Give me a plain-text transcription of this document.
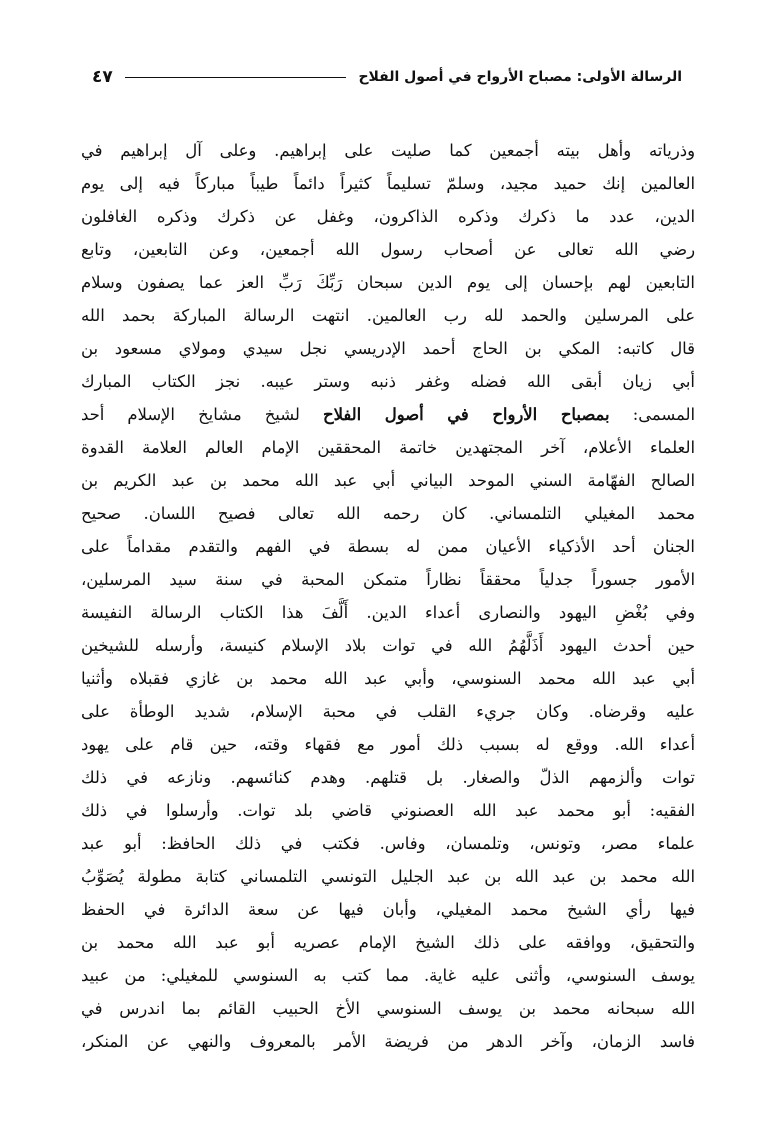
الرسالة الأولى: مصباح الأرواح في أصول الفلاح
٤٧
وذرياته وأهل بيته أجمعين كما صليت على إبراهيم. وعلى آل إبراهيم في
العالمين إنك حميد مجيد، وسلمّ تسليماً كثيراً دائماً طيباً مباركاً فيه إلى يوم
الدين، عدد ما ذكرك وذكره الذاكرون، وغفل عن ذكرك وذكره الغافلون
رضي الله تعالى عن أصحاب رسول الله أجمعين، وعن التابعين، وتابع
التابعين لهم بإحسان إلى يوم الدين سبحان رَبِّكَ رَبِّ العز عما يصفون وسلام
على المرسلين والحمد لله رب العالمين. انتهت الرسالة المباركة بحمد الله
قال كاتبه: المكي بن الحاج أحمد الإدريسي نجل سيدي ومولاي مسعود بن
أبي زيان أبقى الله فضله وغفر ذنبه وستر عيبه. نجز الكتاب المبارك
المسمى: بمصباح الأرواح في أصول الفلاح لشيخ مشايخ الإسلام أحد
العلماء الأعلام، آخر المجتهدين خاتمة المحققين الإمام العالم العلامة القدوة
الصالح الفهّامة السني الموحد البياني أبي عبد الله محمد بن عبد الكريم بن
محمد المغيلي التلمساني. كان رحمه الله تعالى فصيح اللسان. صحيح
الجنان أحد الأذكياء الأعيان ممن له بسطة في الفهم والتقدم مقداماً على
الأمور جسوراً جدلياً محققاً نظاراً متمكن المحبة في سنة سيد المرسلين،
وفي بُغْضِ اليهود والنصارى أعداء الدين. أَلَّفَ هذا الكتاب الرسالة النفيسة
حين أحدث اليهود أَذَلَّهُمُ الله في توات بلاد الإسلام كنيسة، وأرسله للشيخين
أبي عبد الله محمد السنوسي، وأبي عبد الله محمد بن غازي فقبلاه وأثنيا
عليه وقرضاه. وكان جريء القلب في محبة الإسلام، شديد الوطأة على
أعداء الله. ووقع له بسبب ذلك أمور مع فقهاء وقته، حين قام على يهود
توات وألزمهم الذلّ والصغار. بل قتلهم. وهدم كنائسهم. ونازعه في ذلك
الفقيه: أبو محمد عبد الله العصنوني قاضي بلد توات. وأرسلوا في ذلك
علماء مصر، وتونس، وتلمسان، وفاس. فكتب في ذلك الحافظ: أبو عبد
الله محمد بن عبد الله بن عبد الجليل التونسي التلمساني كتابة مطولة يُصَوِّبُ
فيها رأي الشيخ محمد المغيلي، وأبان فيها عن سعة الدائرة في الحفظ
والتحقيق، ووافقه على ذلك الشيخ الإمام عصريه أبو عبد الله محمد بن
يوسف السنوسي، وأثنى عليه غاية. مما كتب به السنوسي للمغيلي: من عبيد
الله سبحانه محمد بن يوسف السنوسي الأخ الحبيب القائم بما اندرس في
فاسد الزمان، وآخر الدهر من فريضة الأمر بالمعروف والنهي عن المنكر،
